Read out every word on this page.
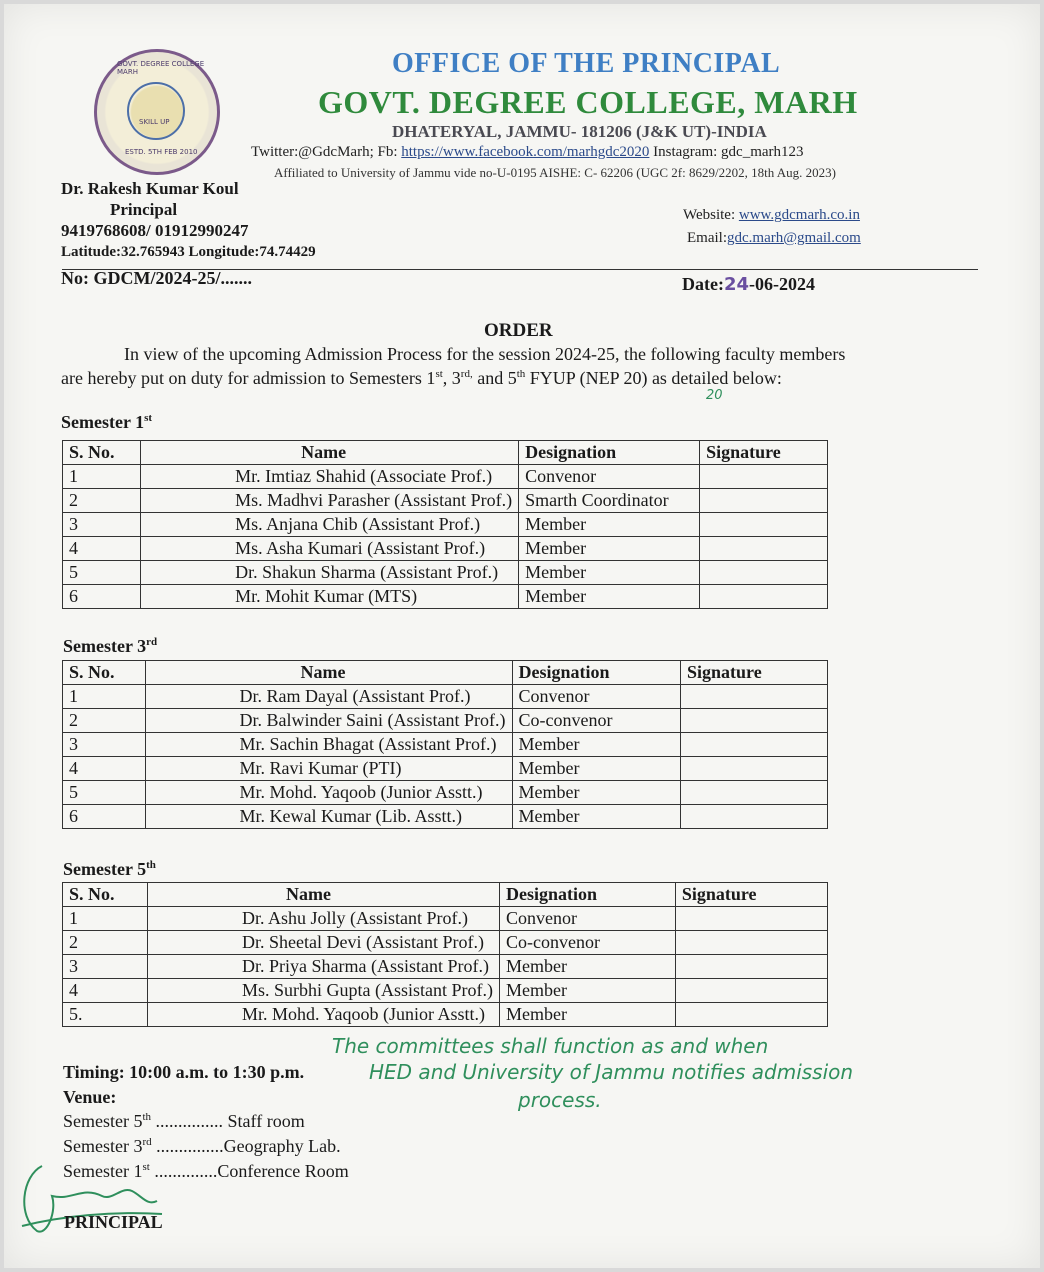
GOVT. DEGREE COLLEGE MARH
SKILL UP
ESTD. 5TH FEB 2010
OFFICE OF THE PRINCIPAL
GOVT. DEGREE COLLEGE, MARH
DHATERYAL, JAMMU- 181206 (J&K UT)-INDIA
Twitter:@GdcMarh; Fb: https://www.facebook.com/marhgdc2020 Instagram: gdc_marh123
Affiliated to University of Jammu vide no-U-0195 AISHE: C- 62206 (UGC 2f: 8629/2202, 18th Aug. 2023)
Dr. Rakesh Kumar Koul
Principal
9419768608/ 01912990247
Latitude:32.765943 Longitude:74.74429
Website: www.gdcmarh.co.in
Email:gdc.marh@gmail.com
No: GDCM/2024-25/.......	Date:24-06-2024
ORDER
In view of the upcoming Admission Process for the session 2024-25, the following faculty members
are hereby put on duty for admission to Semesters 1st, $3^{rd,}$ and 5th FYUP (NEP 20) as detailed below:
20
Semester 1st
S. No.	Name	Designation	Signature
1	Mr. Imtiaz Shahid (Associate Prof.)	Convenor	
2	Ms. Madhvi Parasher (Assistant Prof.)	Smarth Coordinator	
3	Ms. Anjana Chib (Assistant Prof.)	Member	
4	Ms. Asha Kumari (Assistant Prof.)	Member	
5	Dr. Shakun Sharma (Assistant Prof.)	Member	
6	Mr. Mohit Kumar (MTS)	Member	
Semester 3rd
S. No.	Name	Designation	Signature
1	Dr. Ram Dayal (Assistant Prof.)	Convenor	
2	Dr. Balwinder Saini (Assistant Prof.)	Co-convenor	
3	Mr. Sachin Bhagat (Assistant Prof.)	Member	
4	Mr. Ravi Kumar (PTI)	Member	
5	Mr. Mohd. Yaqoob (Junior Asstt.)	Member	
6	Mr. Kewal Kumar (Lib. Asstt.)	Member	
Semester 5th
S. No.	Name	Designation	Signature
1	Dr. Ashu Jolly (Assistant Prof.)	Convenor	
2	Dr. Sheetal Devi (Assistant Prof.)	Co-convenor	
3	Dr. Priya Sharma (Assistant Prof.)	Member	
4	Ms. Surbhi Gupta (Assistant Prof.)	Member	
5.	Mr. Mohd. Yaqoob (Junior Asstt.)	Member	
The committees shall function as and when
HED and University of Jammu notifies admission
process.
Timing: 10:00 a.m. to 1:30 p.m.
Venue:
Semester 5th ............... Staff room
Semester 3rd ...............Geography Lab.
Semester 1st ..............Conference Room
PRINCIPAL
